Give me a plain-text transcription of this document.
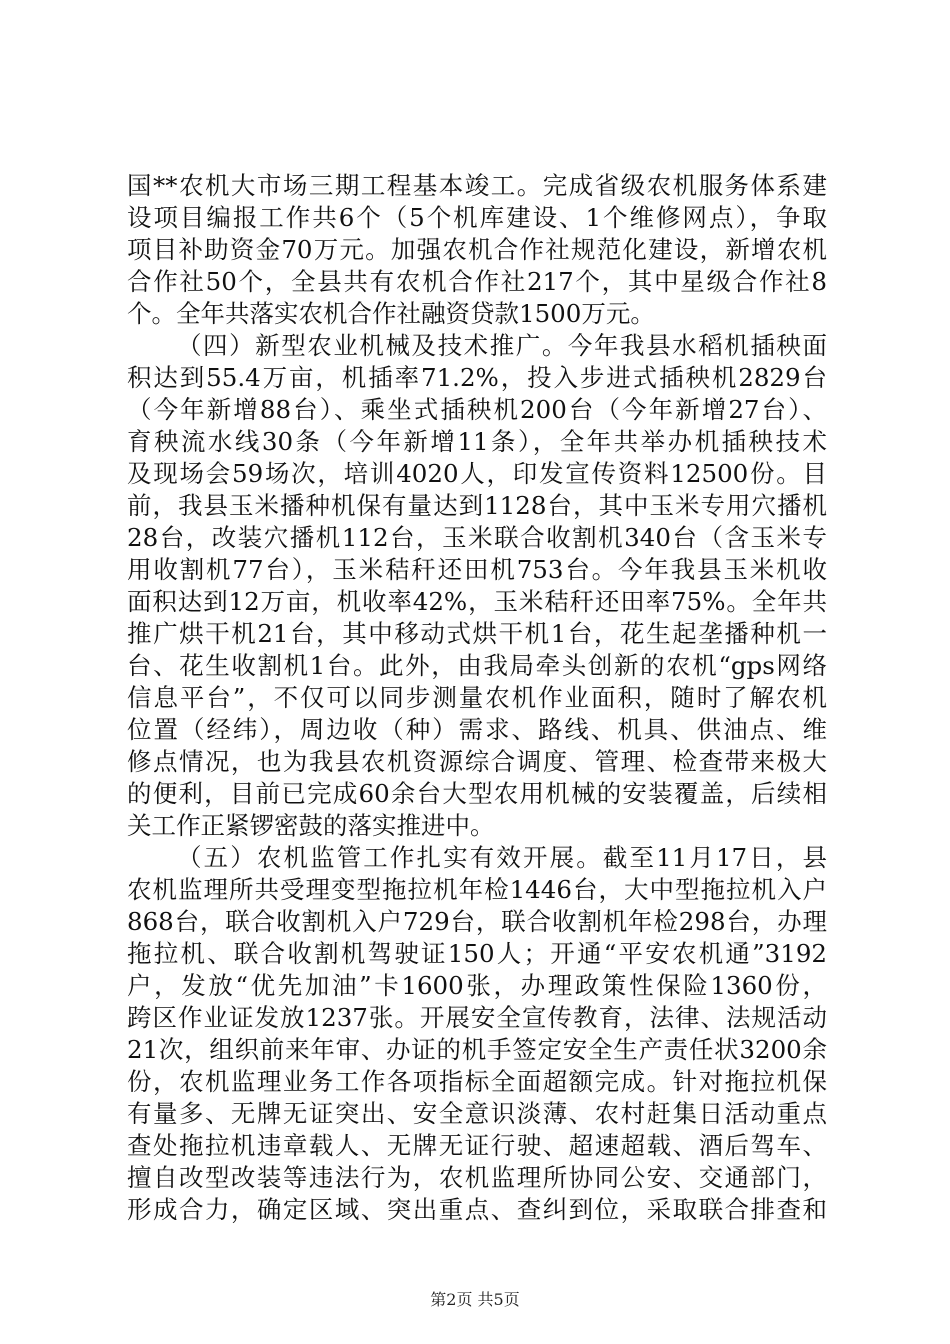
国**农机大市场三期工程基本竣工。完成省级农机服务体系建
设项目编报工作共6个（5个机库建设、1个维修网点），争取
项目补助资金70万元。加强农机合作社规范化建设，新增农机
合作社50个，全县共有农机合作社217个，其中星级合作社8
个。全年共落实农机合作社融资贷款1500万元。
（四）新型农业机械及技术推广。今年我县水稻机插秧面
积达到55.4万亩，机插率71.2%，投入步进式插秧机2829台
（今年新增88台）、乘坐式插秧机200台（今年新增27台）、
育秧流水线30条（今年新增11条），全年共举办机插秧技术
及现场会59场次，培训4020人，印发宣传资料12500份。目
前，我县玉米播种机保有量达到1128台，其中玉米专用穴播机
28台，改装穴播机112台，玉米联合收割机340台（含玉米专
用收割机77台），玉米秸秆还田机753台。今年我县玉米机收
面积达到12万亩，机收率42%，玉米秸秆还田率75%。全年共
推广烘干机21台，其中移动式烘干机1台，花生起垄播种机一
台、花生收割机1台。此外，由我局牵头创新的农机“gps网络
信息平台”，不仅可以同步测量农机作业面积，随时了解农机
位置（经纬），周边收（种）需求、路线、机具、供油点、维
修点情况，也为我县农机资源综合调度、管理、检查带来极大
的便利，目前已完成60余台大型农用机械的安装覆盖，后续相
关工作正紧锣密鼓的落实推进中。
（五）农机监管工作扎实有效开展。截至11月17日，县
农机监理所共受理变型拖拉机年检1446台，大中型拖拉机入户
868台，联合收割机入户729台，联合收割机年检298台，办理
拖拉机、联合收割机驾驶证150人；开通“平安农机通”3192
户，发放“优先加油”卡1600张，办理政策性保险1360份，
跨区作业证发放1237张。开展安全宣传教育，法律、法规活动
21次，组织前来年审、办证的机手签定安全生产责任状3200余
份，农机监理业务工作各项指标全面超额完成。针对拖拉机保
有量多、无牌无证突出、安全意识淡薄、农村赶集日活动重点
查处拖拉机违章载人、无牌无证行驶、超速超载、酒后驾车、
擅自改型改装等违法行为，农机监理所协同公安、交通部门，
形成合力，确定区域、突出重点、查纠到位，采取联合排查和
第2页 共5页
